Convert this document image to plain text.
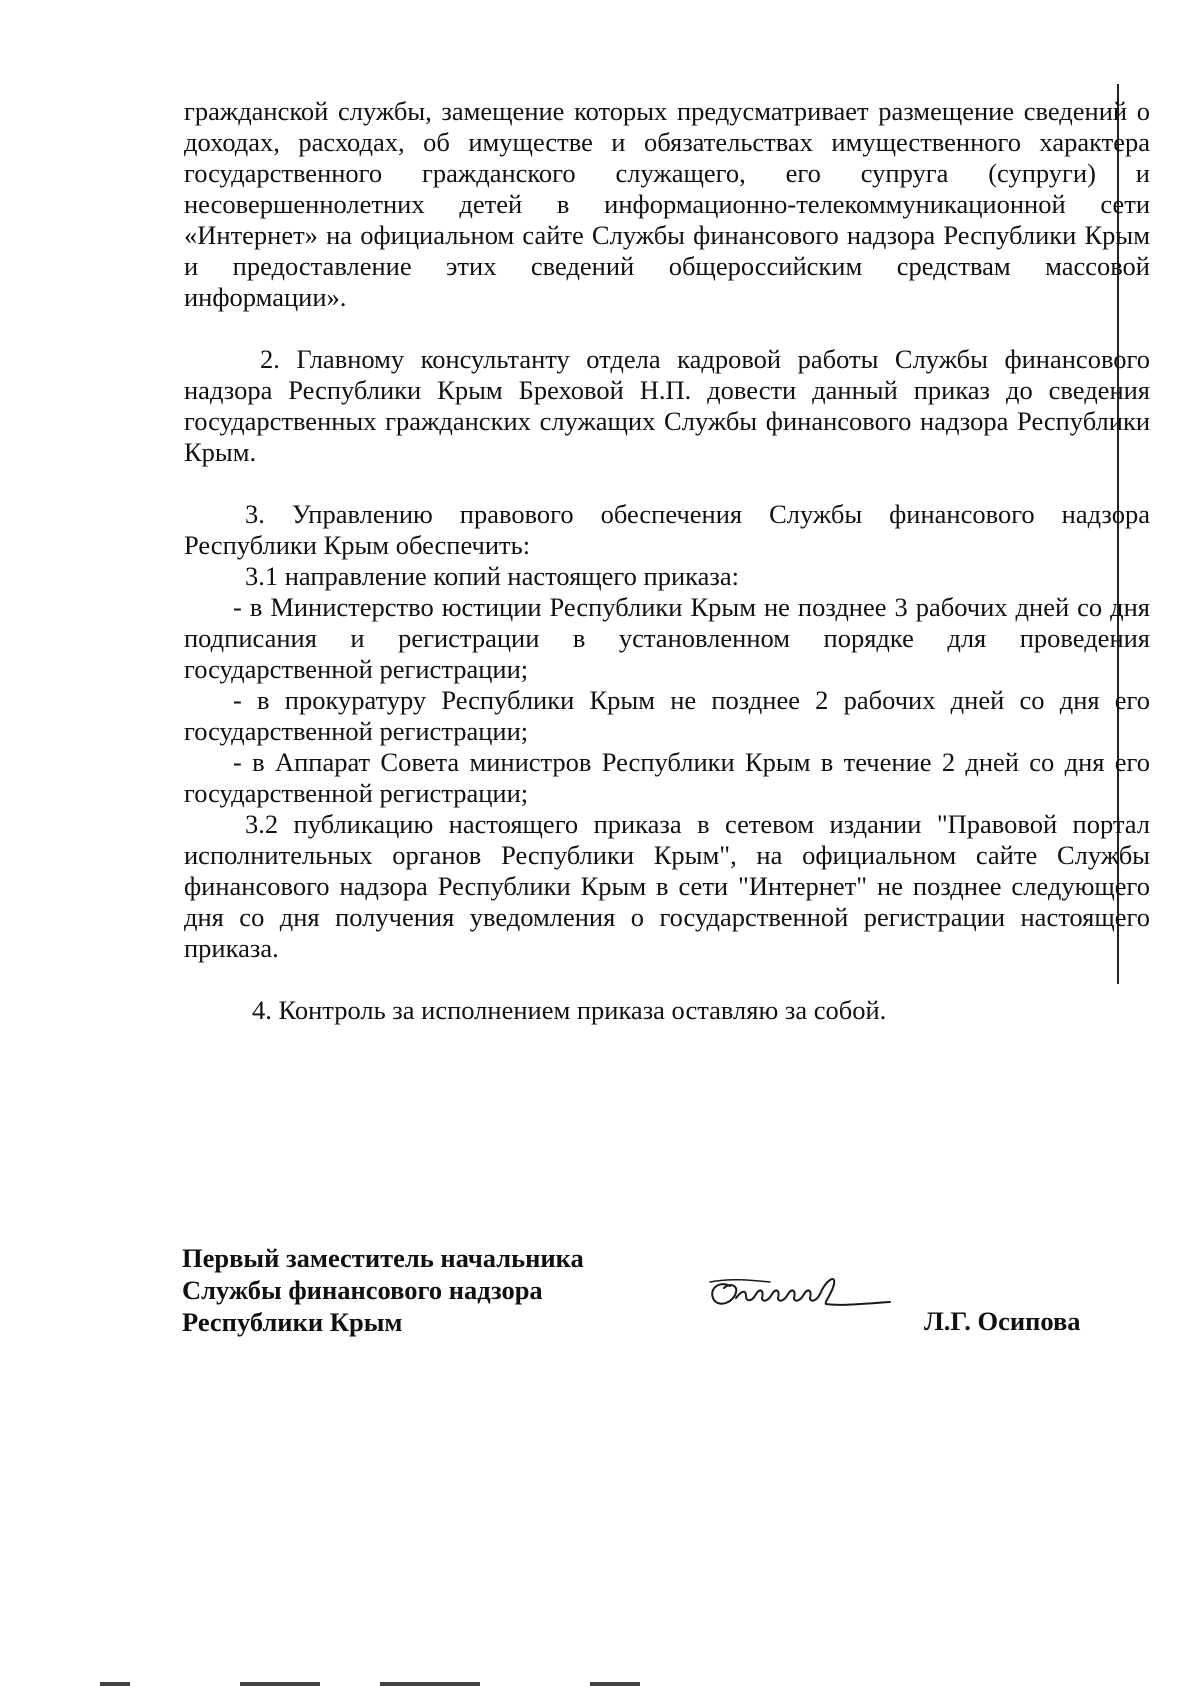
гражданской службы, замещение которых предусматривает размещение сведений о доходах, расходах, об имуществе и обязательствах имущественного характера государственного гражданского служащего, его супруга (супруги) и несовершеннолетних детей в информационно-телекоммуникационной сети «Интернет» на официальном сайте Службы финансового надзора Республики Крым и предоставление этих сведений общероссийским средствам массовой информации».

2. Главному консультанту отдела кадровой работы Службы финансового надзора Республики Крым Бреховой Н.П. довести данный приказ до сведения государственных гражданских служащих Службы финансового надзора Республики Крым.

3. Управлению правового обеспечения Службы финансового надзора Республики Крым обеспечить:

3.1 направление копий настоящего приказа:

- в Министерство юстиции Республики Крым не позднее 3 рабочих дней со дня подписания и регистрации в установленном порядке для проведения государственной регистрации;

- в прокуратуру Республики Крым не позднее 2 рабочих дней со дня его государственной регистрации;

- в Аппарат Совета министров Республики Крым в течение 2 дней со дня его государственной регистрации;

3.2 публикацию настоящего приказа в сетевом издании "Правовой портал исполнительных органов Республики Крым", на официальном сайте Службы финансового надзора Республики Крым в сети "Интернет" не позднее следующего дня со дня получения уведомления о государственной регистрации настоящего приказа.

4. Контроль за исполнением приказа оставляю за собой.

Первый заместитель начальника
Службы финансового надзора
Республики Крым	Л.Г. Осипова
